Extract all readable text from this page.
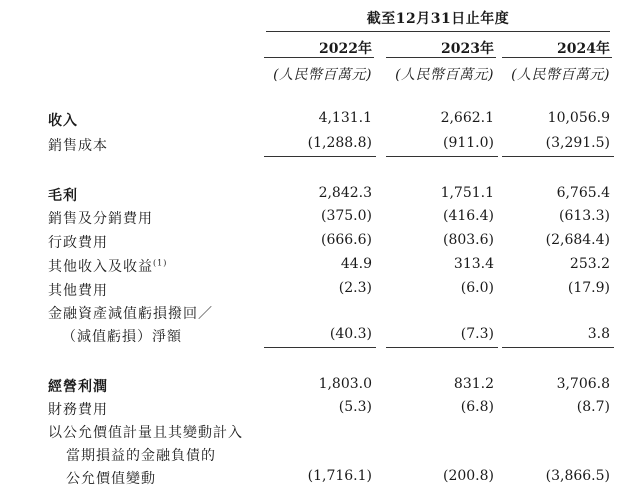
截至12月31日止年度
2022年	2023年	2024年
(人民幣百萬元)	(人民幣百萬元)	(人民幣百萬元)
收入	4,131.1	2,662.1	10,056.9
銷售成本	(1,288.8)	(911.0)	(3,291.5)
毛利	2,842.3	1,751.1	6,765.4
銷售及分銷費用	(375.0)	(416.4)	(613.3)
行政費用	(666.6)	(803.6)	(2,684.4)
其他收入及收益$^{(1)}$	44.9	313.4	253.2
其他費用	(2.3)	(6.0)	(17.9)
金融資產減值虧損撥回／
（減值虧損）淨額	(40.3)	(7.3)	3.8
經營利潤	1,803.0	831.2	3,706.8
財務費用	(5.3)	(6.8)	(8.7)
以公允價值計量且其變動計入
當期損益的金融負債的
公允價值變動	(1,716.1)	(200.8)	(3,866.5)
